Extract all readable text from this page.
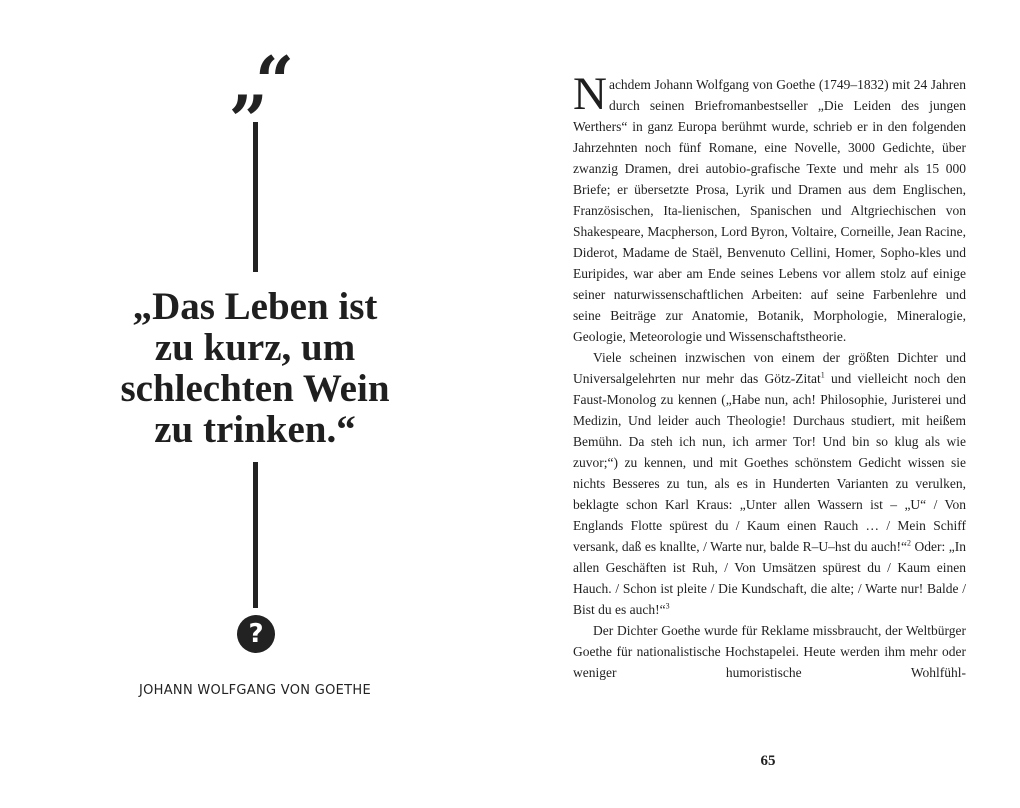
„“
„Das Leben ist
zu kurz, um
schlechten Wein
zu trinken.“
?
JOHANN WOLFGANG VON GOETHE

Nachdem Johann Wolfgang von Goethe (1749–1832) mit 24 Jahren durch seinen Briefromanbestseller „Die Leiden des jungen Werthers“ in ganz Europa berühmt wurde, schrieb er in den folgenden Jahrzehnten noch fünf Romane, eine Novelle, 3000 Gedichte, über zwanzig Dramen, drei autobio-grafische Texte und mehr als 15 000 Briefe; er übersetzte Prosa, Lyrik und Dramen aus dem Englischen, Französischen, Ita-lienischen, Spanischen und Altgriechischen von Shakespeare, Macpherson, Lord Byron, Voltaire, Corneille, Jean Racine, Diderot, Madame de Staël, Benvenuto Cellini, Homer, Sopho-kles und Euripides, war aber am Ende seines Lebens vor allem stolz auf einige seiner naturwissenschaftlichen Arbeiten: auf seine Farbenlehre und seine Beiträge zur Anatomie, Botanik, Morphologie, Mineralogie, Geologie, Meteorologie und Wissenschaftstheorie.

Viele scheinen inzwischen von einem der größten Dichter und Universalgelehrten nur mehr das Götz-Zitat$^1$ und vielleicht noch den Faust-Monolog zu kennen („Habe nun, ach! Philosophie, Juristerei und Medizin, Und leider auch Theologie! Durchaus studiert, mit heißem Bemühn. Da steh ich nun, ich armer Tor! Und bin so klug als wie zuvor;“) zu kennen, und mit Goethes schönstem Gedicht wissen sie nichts Besseres zu tun, als es in Hunderten Varianten zu verulken, beklagte schon Karl Kraus: „Unter allen Wassern ist – „U“ / Von Englands Flotte spürest du / Kaum einen Rauch … / Mein Schiff versank, daß es knallte, / Warte nur, balde R–U–hst du auch!“$^2$ Oder: „In allen Geschäften ist Ruh, / Von Umsätzen spürest du / Kaum einen Hauch. / Schon ist pleite / Die Kundschaft, die alte; / Warte nur! Balde / Bist du es auch!“$^3$

Der Dichter Goethe wurde für Reklame missbraucht, der Weltbürger Goethe für nationalistische Hochstapelei. Heute werden ihm mehr oder weniger humoristische Wohlfühl-

65
